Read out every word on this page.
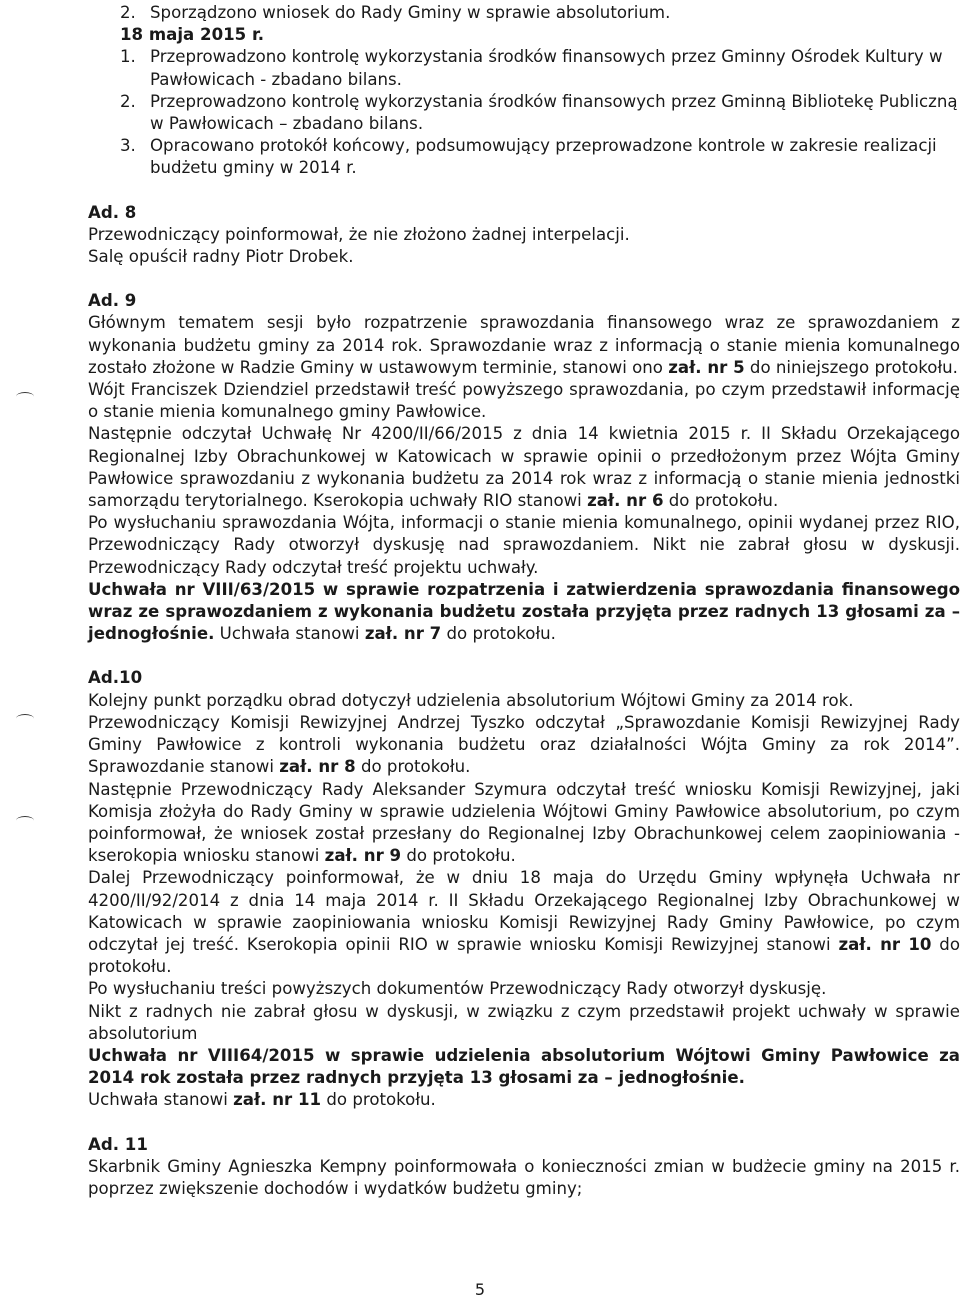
2. Sporządzono wniosek do Rady Gminy w sprawie absolutorium.
18 maja 2015 r.
1. Przeprowadzono kontrolę wykorzystania środków finansowych przez Gminny Ośrodek Kultury w Pawłowicach - zbadano bilans.
2. Przeprowadzono kontrolę wykorzystania środków finansowych przez Gminną Bibliotekę Publiczną w Pawłowicach – zbadano bilans.
3. Opracowano protokół końcowy, podsumowujący przeprowadzone kontrole w zakresie realizacji budżetu gminy w 2014 r.
Ad. 8
Przewodniczący poinformował, że nie złożono żadnej interpelacji.
Salę opuścił radny Piotr Drobek.
Ad. 9
Głównym tematem sesji było rozpatrzenie sprawozdania finansowego wraz ze sprawozdaniem z wykonania budżetu gminy za 2014 rok. Sprawozdanie wraz z informacją o stanie mienia komunalnego zostało złożone w Radzie Gminy w ustawowym terminie, stanowi ono zał. nr 5 do niniejszego protokołu.
Wójt Franciszek Dziendziel przedstawił treść powyższego sprawozdania, po czym przedstawił informację o stanie mienia komunalnego gminy Pawłowice.
Następnie odczytał Uchwałę Nr 4200/II/66/2015 z dnia 14 kwietnia 2015 r. II Składu Orzekającego Regionalnej Izby Obrachunkowej w Katowicach w sprawie opinii o przedłożonym przez Wójta Gminy Pawłowice sprawozdaniu z wykonania budżetu za 2014 rok wraz z informacją o stanie mienia jednostki samorządu terytorialnego. Kserokopia uchwały RIO stanowi zał. nr 6 do protokołu.
Po wysłuchaniu sprawozdania Wójta, informacji o stanie mienia komunalnego, opinii wydanej przez RIO, Przewodniczący Rady otworzył dyskusję nad sprawozdaniem. Nikt nie zabrał głosu w dyskusji. Przewodniczący Rady odczytał treść projektu uchwały.
Uchwała nr VIII/63/2015 w sprawie rozpatrzenia i zatwierdzenia sprawozdania finansowego wraz ze sprawozdaniem z wykonania budżetu została przyjęta przez radnych 13 głosami za – jednogłośnie. Uchwała stanowi zał. nr 7 do protokołu.
Ad.10
Kolejny punkt porządku obrad dotyczył udzielenia absolutorium Wójtowi Gminy za 2014 rok.
Przewodniczący Komisji Rewizyjnej Andrzej Tyszko odczytał „Sprawozdanie Komisji Rewizyjnej Rady Gminy Pawłowice z kontroli wykonania budżetu oraz działalności Wójta Gminy za rok 2014”. Sprawozdanie stanowi zał. nr 8 do protokołu.
Następnie Przewodniczący Rady Aleksander Szymura odczytał treść wniosku Komisji Rewizyjnej, jaki Komisja złożyła do Rady Gminy w sprawie udzielenia Wójtowi Gminy Pawłowice absolutorium, po czym poinformował, że wniosek został przesłany do Regionalnej Izby Obrachunkowej celem zaopiniowania - kserokopia wniosku stanowi zał. nr 9 do protokołu.
Dalej Przewodniczący poinformował, że w dniu 18 maja do Urzędu Gminy wpłynęła Uchwała nr 4200/II/92/2014 z dnia 14 maja 2014 r. II Składu Orzekającego Regionalnej Izby Obrachunkowej w Katowicach w sprawie zaopiniowania wniosku Komisji Rewizyjnej Rady Gminy Pawłowice, po czym odczytał jej treść. Kserokopia opinii RIO w sprawie wniosku Komisji Rewizyjnej stanowi zał. nr 10 do protokołu.
Po wysłuchaniu treści powyższych dokumentów Przewodniczący Rady otworzył dyskusję.
Nikt z radnych nie zabrał głosu w dyskusji, w związku z czym przedstawił projekt uchwały w sprawie absolutorium
Uchwała nr VIII64/2015 w sprawie udzielenia absolutorium Wójtowi Gminy Pawłowice za 2014 rok została przez radnych przyjęta 13 głosami za – jednogłośnie.
Uchwała stanowi zał. nr 11 do protokołu.
Ad. 11
Skarbnik Gminy Agnieszka Kempny poinformowała o konieczności zmian w budżecie gminy na 2015 r. poprzez zwiększenie dochodów i wydatków budżetu gminy;
5
